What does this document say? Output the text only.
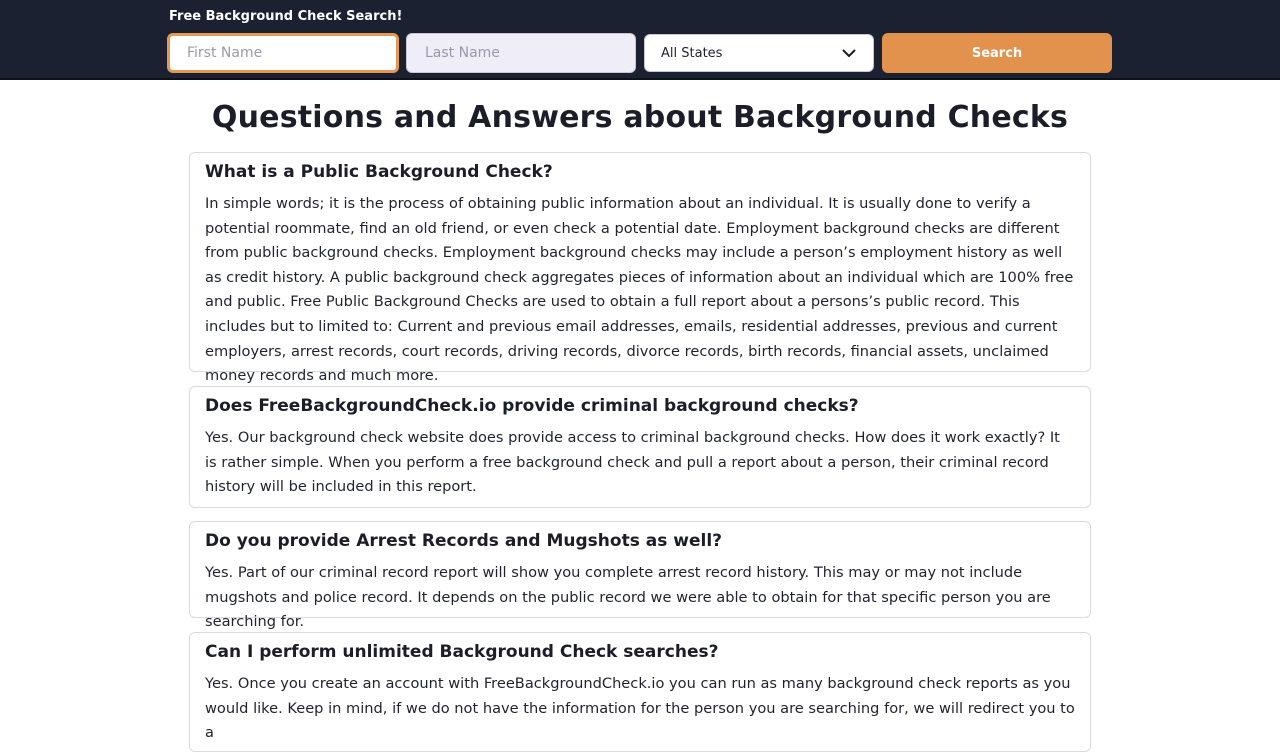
Free Background Check Search!
First Name
Last Name
All States	Search
Questions and Answers about Background Checks
What is a Public Background Check?

In simple words; it is the process of obtaining public information about an individual. It is usually done to verify a potential roommate, find an old friend, or even check a potential date. Employment background checks are different from public background checks. Employment background checks may include a person’s employment history as well as credit history. A public background check aggregates pieces of information about an individual which are 100% free and public. Free Public Background Checks are used to obtain a full report about a persons’s public record. This includes but to limited to: Current and previous email addresses, emails, residential addresses, previous and current employers, arrest records, court records, driving records, divorce records, birth records, financial assets, unclaimed money records and much more.

Does FreeBackgroundCheck.io provide criminal background checks?

Yes. Our background check website does provide access to criminal background checks. How does it work exactly? It is rather simple. When you perform a free background check and pull a report about a person, their criminal record history will be included in this report.

Do you provide Arrest Records and Mugshots as well?

Yes. Part of our criminal record report will show you complete arrest record history. This may or may not include mugshots and police record. It depends on the public record we were able to obtain for that specific person you are searching for.

Can I perform unlimited Background Check searches?

Yes. Once you create an account with FreeBackgroundCheck.io you can run as many background check reports as you would like. Keep in mind, if we do not have the information for the person you are searching for, we will redirect you to a
